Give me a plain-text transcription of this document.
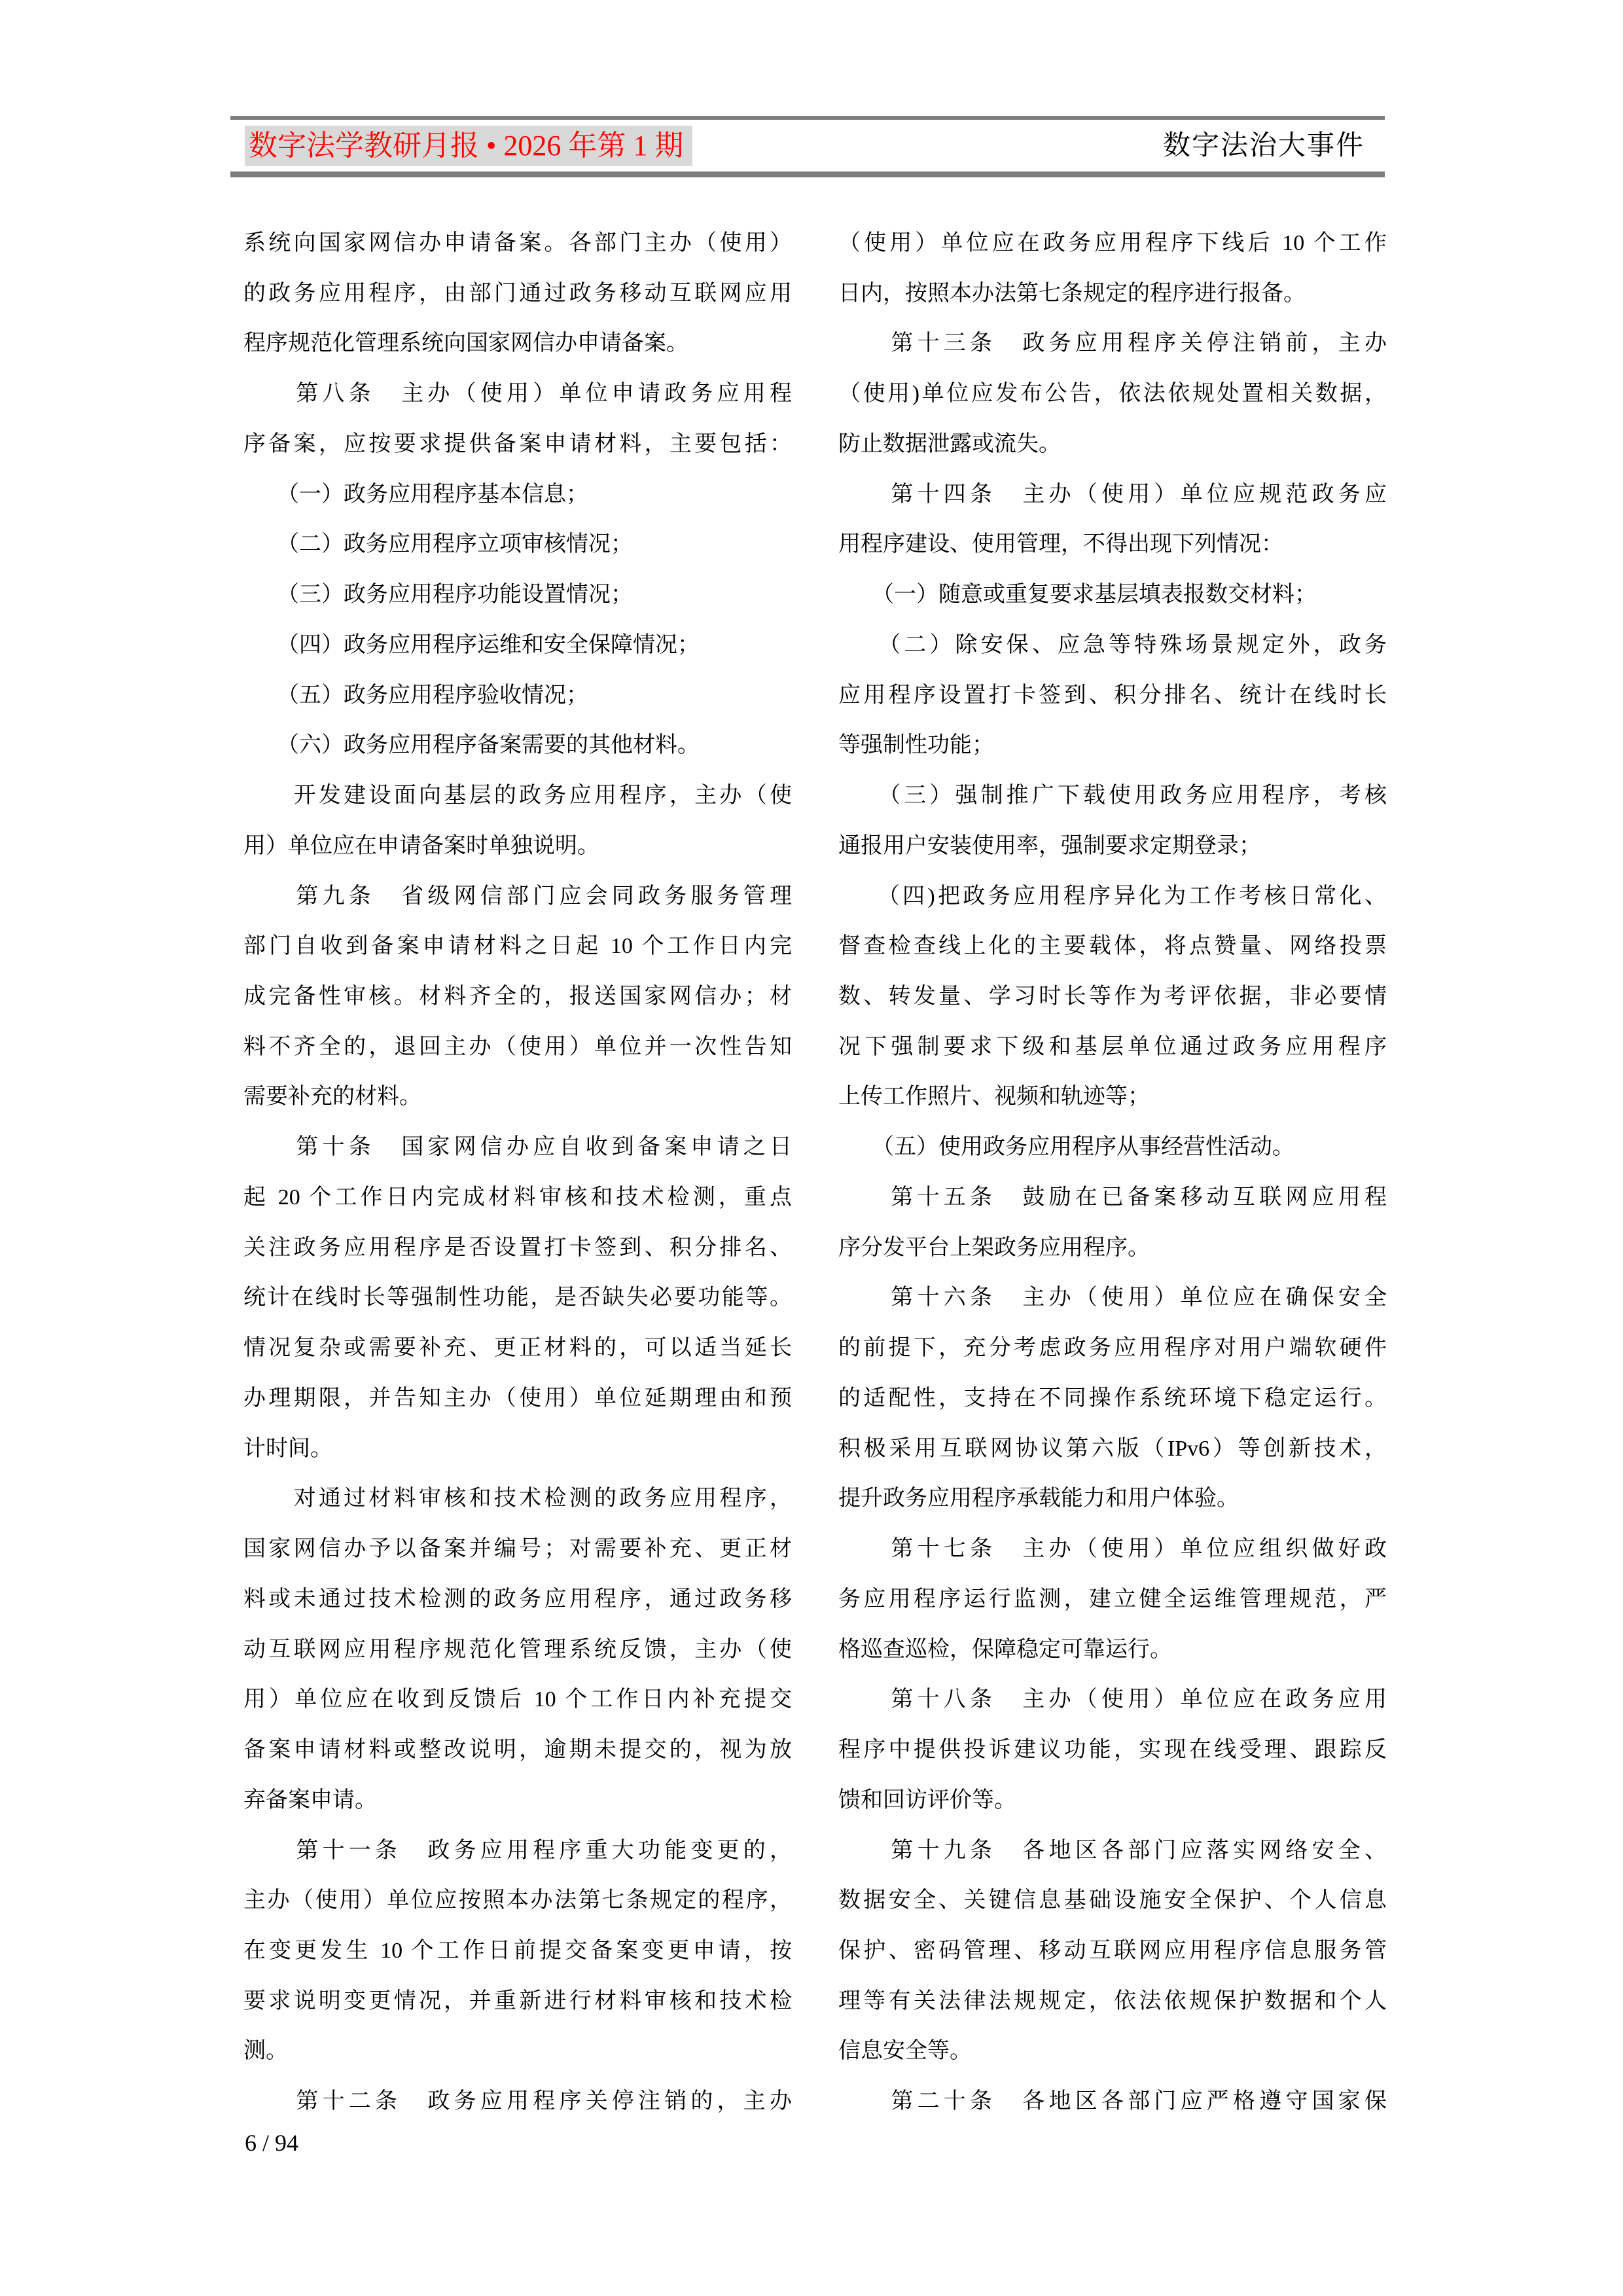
数字法学教研月报 • 2026 年第 1 期	数字法治大事件
系统向国家网信办申请备案。各部门主办（使用）
的政务应用程序，由部门通过政务移动互联网应用
程序规范化管理系统向国家网信办申请备案。
　　第八条　主办（使用）单位申请政务应用程
序备案，应按要求提供备案申请材料，主要包括：
　　（一）政务应用程序基本信息；
　　（二）政务应用程序立项审核情况；
　　（三）政务应用程序功能设置情况；
　　（四）政务应用程序运维和安全保障情况；
　　（五）政务应用程序验收情况；
　　（六）政务应用程序备案需要的其他材料。
　　开发建设面向基层的政务应用程序，主办（使
用）单位应在申请备案时单独说明。
　　第九条　省级网信部门应会同政务服务管理
部门自收到备案申请材料之日起 10 个工作日内完
成完备性审核。材料齐全的，报送国家网信办；材
料不齐全的，退回主办（使用）单位并一次性告知
需要补充的材料。
　　第十条　国家网信办应自收到备案申请之日
起 20 个工作日内完成材料审核和技术检测，重点
关注政务应用程序是否设置打卡签到、积分排名、
统计在线时长等强制性功能，是否缺失必要功能等。
情况复杂或需要补充、更正材料的，可以适当延长
办理期限，并告知主办（使用）单位延期理由和预
计时间。
　　对通过材料审核和技术检测的政务应用程序，
国家网信办予以备案并编号；对需要补充、更正材
料或未通过技术检测的政务应用程序，通过政务移
动互联网应用程序规范化管理系统反馈，主办（使
用）单位应在收到反馈后 10 个工作日内补充提交
备案申请材料或整改说明，逾期未提交的，视为放
弃备案申请。
　　第十一条　政务应用程序重大功能变更的，
主办（使用）单位应按照本办法第七条规定的程序，
在变更发生 10 个工作日前提交备案变更申请，按
要求说明变更情况，并重新进行材料审核和技术检
测。
　　第十二条　政务应用程序关停注销的，主办
（使用）单位应在政务应用程序下线后 10 个工作
日内，按照本办法第七条规定的程序进行报备。
　　第十三条　政务应用程序关停注销前，主办
（使用)单位应发布公告，依法依规处置相关数据，
防止数据泄露或流失。
　　第十四条　主办（使用）单位应规范政务应
用程序建设、使用管理，不得出现下列情况：
　　（一）随意或重复要求基层填表报数交材料；
　　（二）除安保、应急等特殊场景规定外，政务
应用程序设置打卡签到、积分排名、统计在线时长
等强制性功能；
　　（三）强制推广下载使用政务应用程序，考核
通报用户安装使用率，强制要求定期登录；
　　（四)把政务应用程序异化为工作考核日常化、
督查检查线上化的主要载体，将点赞量、网络投票
数、转发量、学习时长等作为考评依据，非必要情
况下强制要求下级和基层单位通过政务应用程序
上传工作照片、视频和轨迹等；
　　（五）使用政务应用程序从事经营性活动。
　　第十五条　鼓励在已备案移动互联网应用程
序分发平台上架政务应用程序。
　　第十六条　主办（使用）单位应在确保安全
的前提下，充分考虑政务应用程序对用户端软硬件
的适配性，支持在不同操作系统环境下稳定运行。
积极采用互联网协议第六版（IPv6）等创新技术，
提升政务应用程序承载能力和用户体验。
　　第十七条　主办（使用）单位应组织做好政
务应用程序运行监测，建立健全运维管理规范，严
格巡查巡检，保障稳定可靠运行。
　　第十八条　主办（使用）单位应在政务应用
程序中提供投诉建议功能，实现在线受理、跟踪反
馈和回访评价等。
　　第十九条　各地区各部门应落实网络安全、
数据安全、关键信息基础设施安全保护、个人信息
保护、密码管理、移动互联网应用程序信息服务管
理等有关法律法规规定，依法依规保护数据和个人
信息安全等。
　　第二十条　各地区各部门应严格遵守国家保
6 / 94
